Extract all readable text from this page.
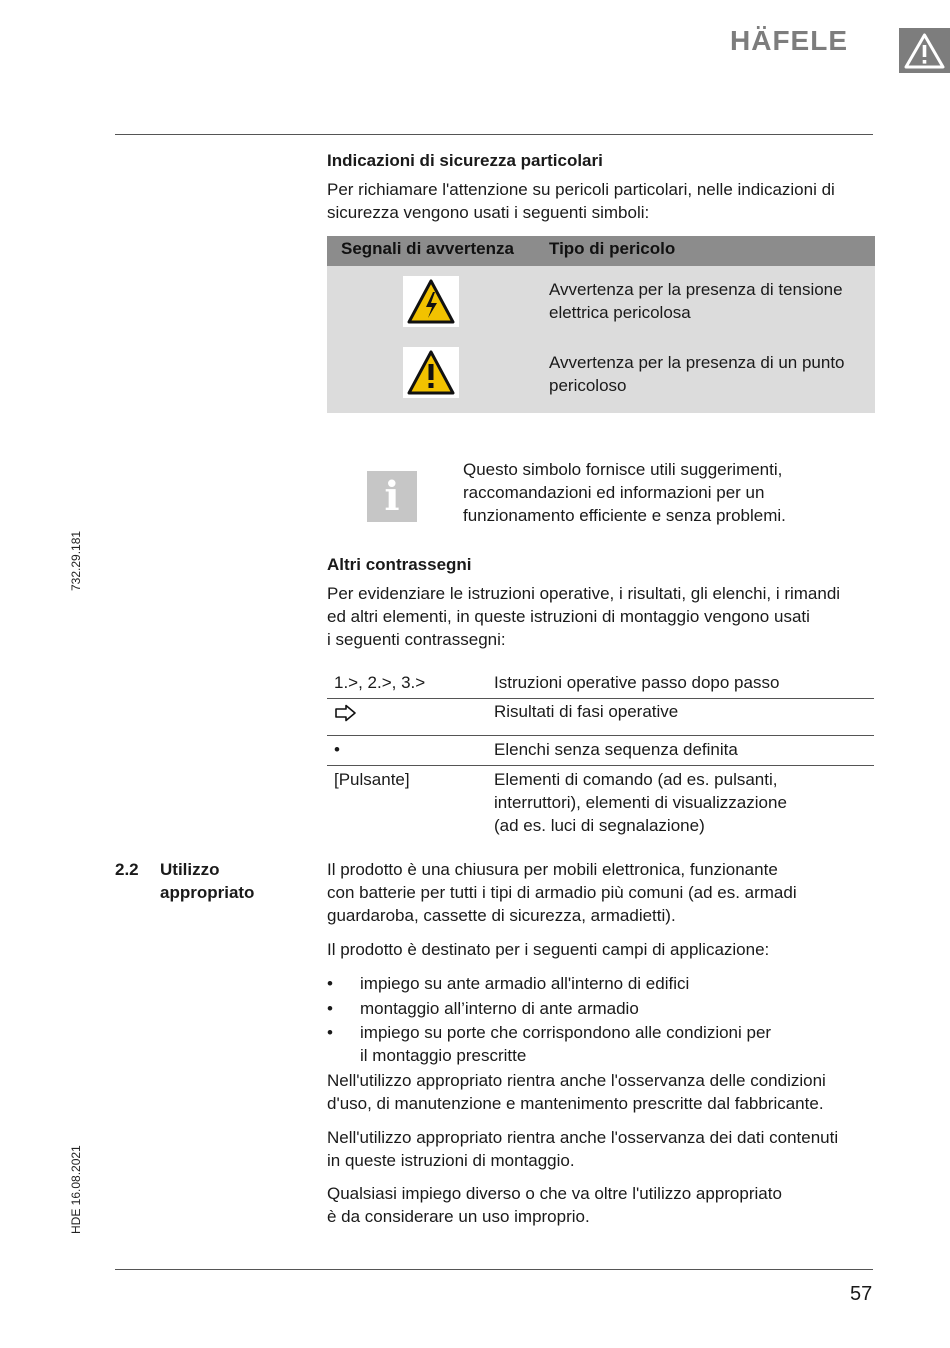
HÄFELE
732.29.181
HDE 16.08.2021
Indicazioni di sicurezza particolari
Per richiamare l'attenzione su pericoli particolari, nelle indicazioni di
sicurezza vengono usati i seguenti simboli:
Segnali di avvertenza Tipo di pericolo
Avvertenza per la presenza di tensione
elettrica pericolosa
Avvertenza per la presenza di un punto
pericoloso
i
Questo simbolo fornisce utili suggerimenti,
raccomandazioni ed informazioni per un
funzionamento efficiente e senza problemi.
Altri contrassegni
Per evidenziare le istruzioni operative, i risultati, gli elenchi, i rimandi
ed altri elementi, in queste istruzioni di montaggio vengono usati
i seguenti contrassegni:
1.>, 2.>, 3.>	Istruzioni operative passo dopo passo
Risultati di fasi operative
•	Elenchi senza sequenza definita
[Pulsante]	Elementi di comando (ad es. pulsanti,
interruttori), elementi di visualizzazione
(ad es. luci di segnalazione)
2.2 Utilizzo
appropriato
Il prodotto è una chiusura per mobili elettronica, funzionante
con batterie per tutti i tipi di armadio più comuni (ad es. armadi
guardaroba, cassette di sicurezza, armadietti).
Il prodotto è destinato per i seguenti campi di applicazione:
• impiego su ante armadio all'interno di edifici
• montaggio all’interno di ante armadio
• impiego su porte che corrispondono alle condizioni per
il montaggio prescritte
Nell'utilizzo appropriato rientra anche l'osservanza delle condizioni
d'uso, di manutenzione e mantenimento prescritte dal fabbricante.
Nell'utilizzo appropriato rientra anche l'osservanza dei dati contenuti
in queste istruzioni di montaggio.
Qualsiasi impiego diverso o che va oltre l'utilizzo appropriato
è da considerare un uso improprio.
57
